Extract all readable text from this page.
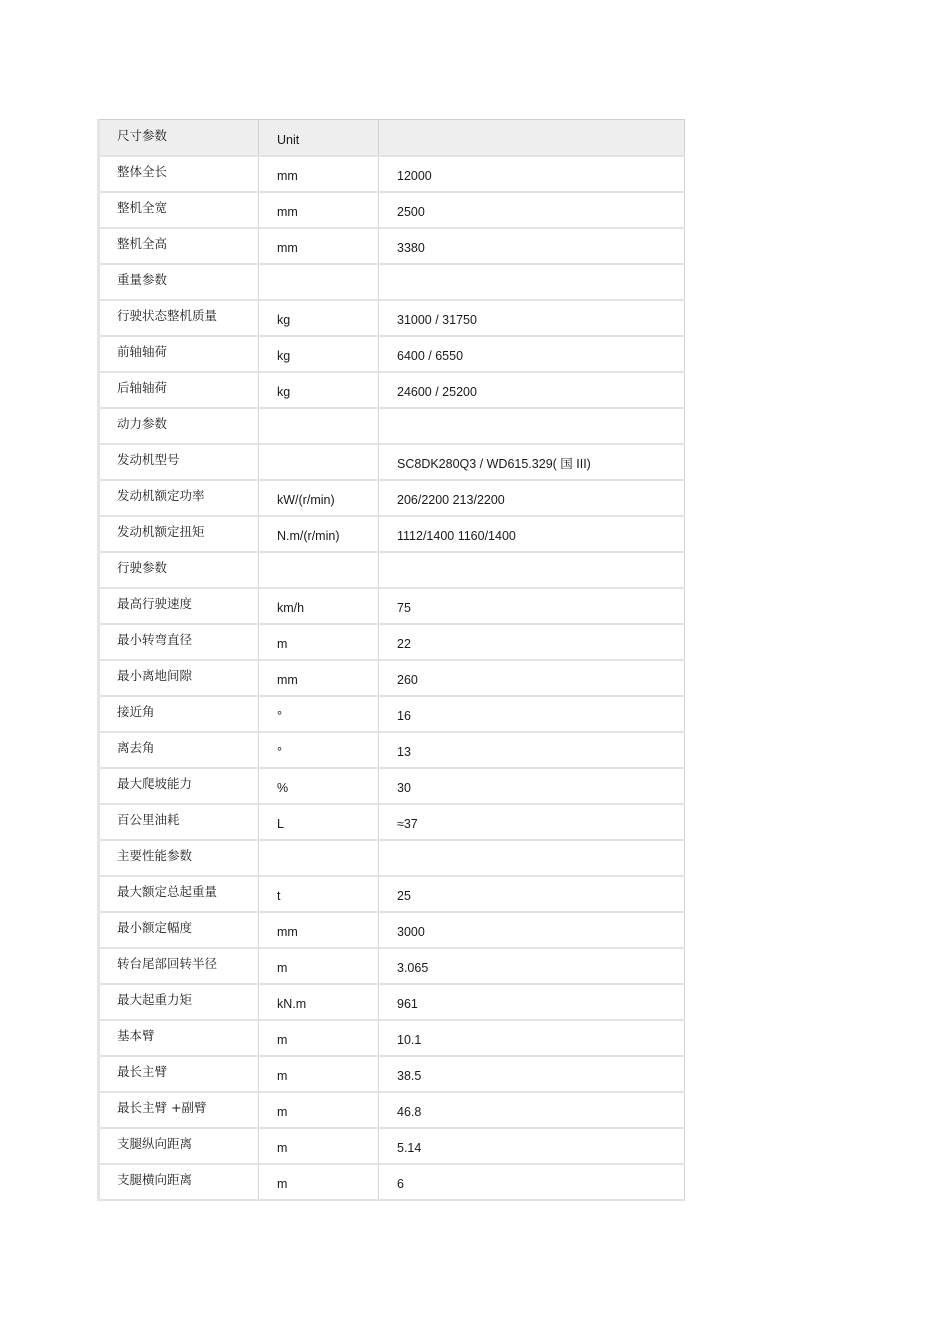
尺寸参数	Unit	
整体全长	mm	12000
整机全宽	mm	2500
整机全高	mm	3380
重量参数		
行驶状态整机质量	kg	31000 / 31750
前轴轴荷	kg	6400 / 6550
后轴轴荷	kg	24600 / 25200
动力参数		
发动机型号		SC8DK280Q3 / WD615.329( 国 III)
发动机额定功率	kW/(r/min)	206/2200 213/2200
发动机额定扭矩	N.m/(r/min)	1112/1400 1160/1400
行驶参数		
最高行驶速度	km/h	75
最小转弯直径	m	22
最小离地间隙	mm	260
接近角	°	16
离去角	°	13
最大爬坡能力	%	30
百公里油耗	L	≈37
主要性能参数		
最大额定总起重量	t	25
最小额定幅度	mm	3000
转台尾部回转半径	m	3.065
最大起重力矩	kN.m	961
基本臂	m	10.1
最长主臂	m	38.5
最长主臂 +副臂	m	46.8
支腿纵向距离	m	5.14
支腿横向距离	m	6
